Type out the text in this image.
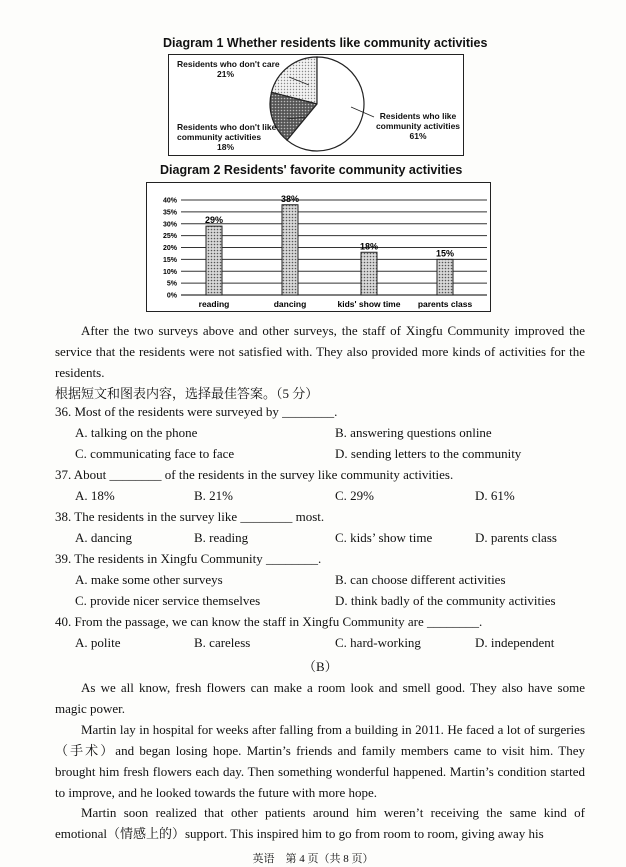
Diagram 1 Whether residents like community activities
Residents who don't care
21%
Residents who don't like community activities
18%
Residents who like community activities
61%
Diagram 2 Residents' favorite community activities
0%
5%
10%
15%
20%
25%
30%
35%
40%
29%
reading
38%
dancing
18%
kids' show time
15%
parents class
After the two surveys above and other surveys, the staff of Xingfu Community improved the service that the residents were not satisfied with. They also provided more kinds of activities for the residents.
根据短文和图表内容，选择最佳答案。（5 分）
36. Most of the residents were surveyed by ________.
A. talking on the phone	B. answering questions online
C. communicating face to face	D. sending letters to the community
37. About ________ of the residents in the survey like community activities.
A. 18%	B. 21%	C. 29%	D. 61%
38. The residents in the survey like ________ most.
A. dancing	B. reading	C. kids’ show time	D. parents class
39. The residents in Xingfu Community ________.
A. make some other surveys	B. can choose different activities
C. provide nicer service themselves	D. think badly of the community activities
40. From the passage, we can know the staff in Xingfu Community are ________.
A. polite	B. careless	C. hard-working	D. independent
（B）
As we all know, fresh flowers can make a room look and smell good. They also have some magic power.
Martin lay in hospital for weeks after falling from a building in 2011. He faced a lot of surgeries（手术）and began losing hope. Martin’s friends and family members came to visit him. They brought him fresh flowers each day. Then something wonderful happened. Martin’s condition started to improve, and he looked towards the future with more hope.
Martin soon realized that other patients around him weren’t receiving the same kind of emotional（情感上的）support. This inspired him to go from room to room, giving away his
英语　第 4 页（共 8 页）
